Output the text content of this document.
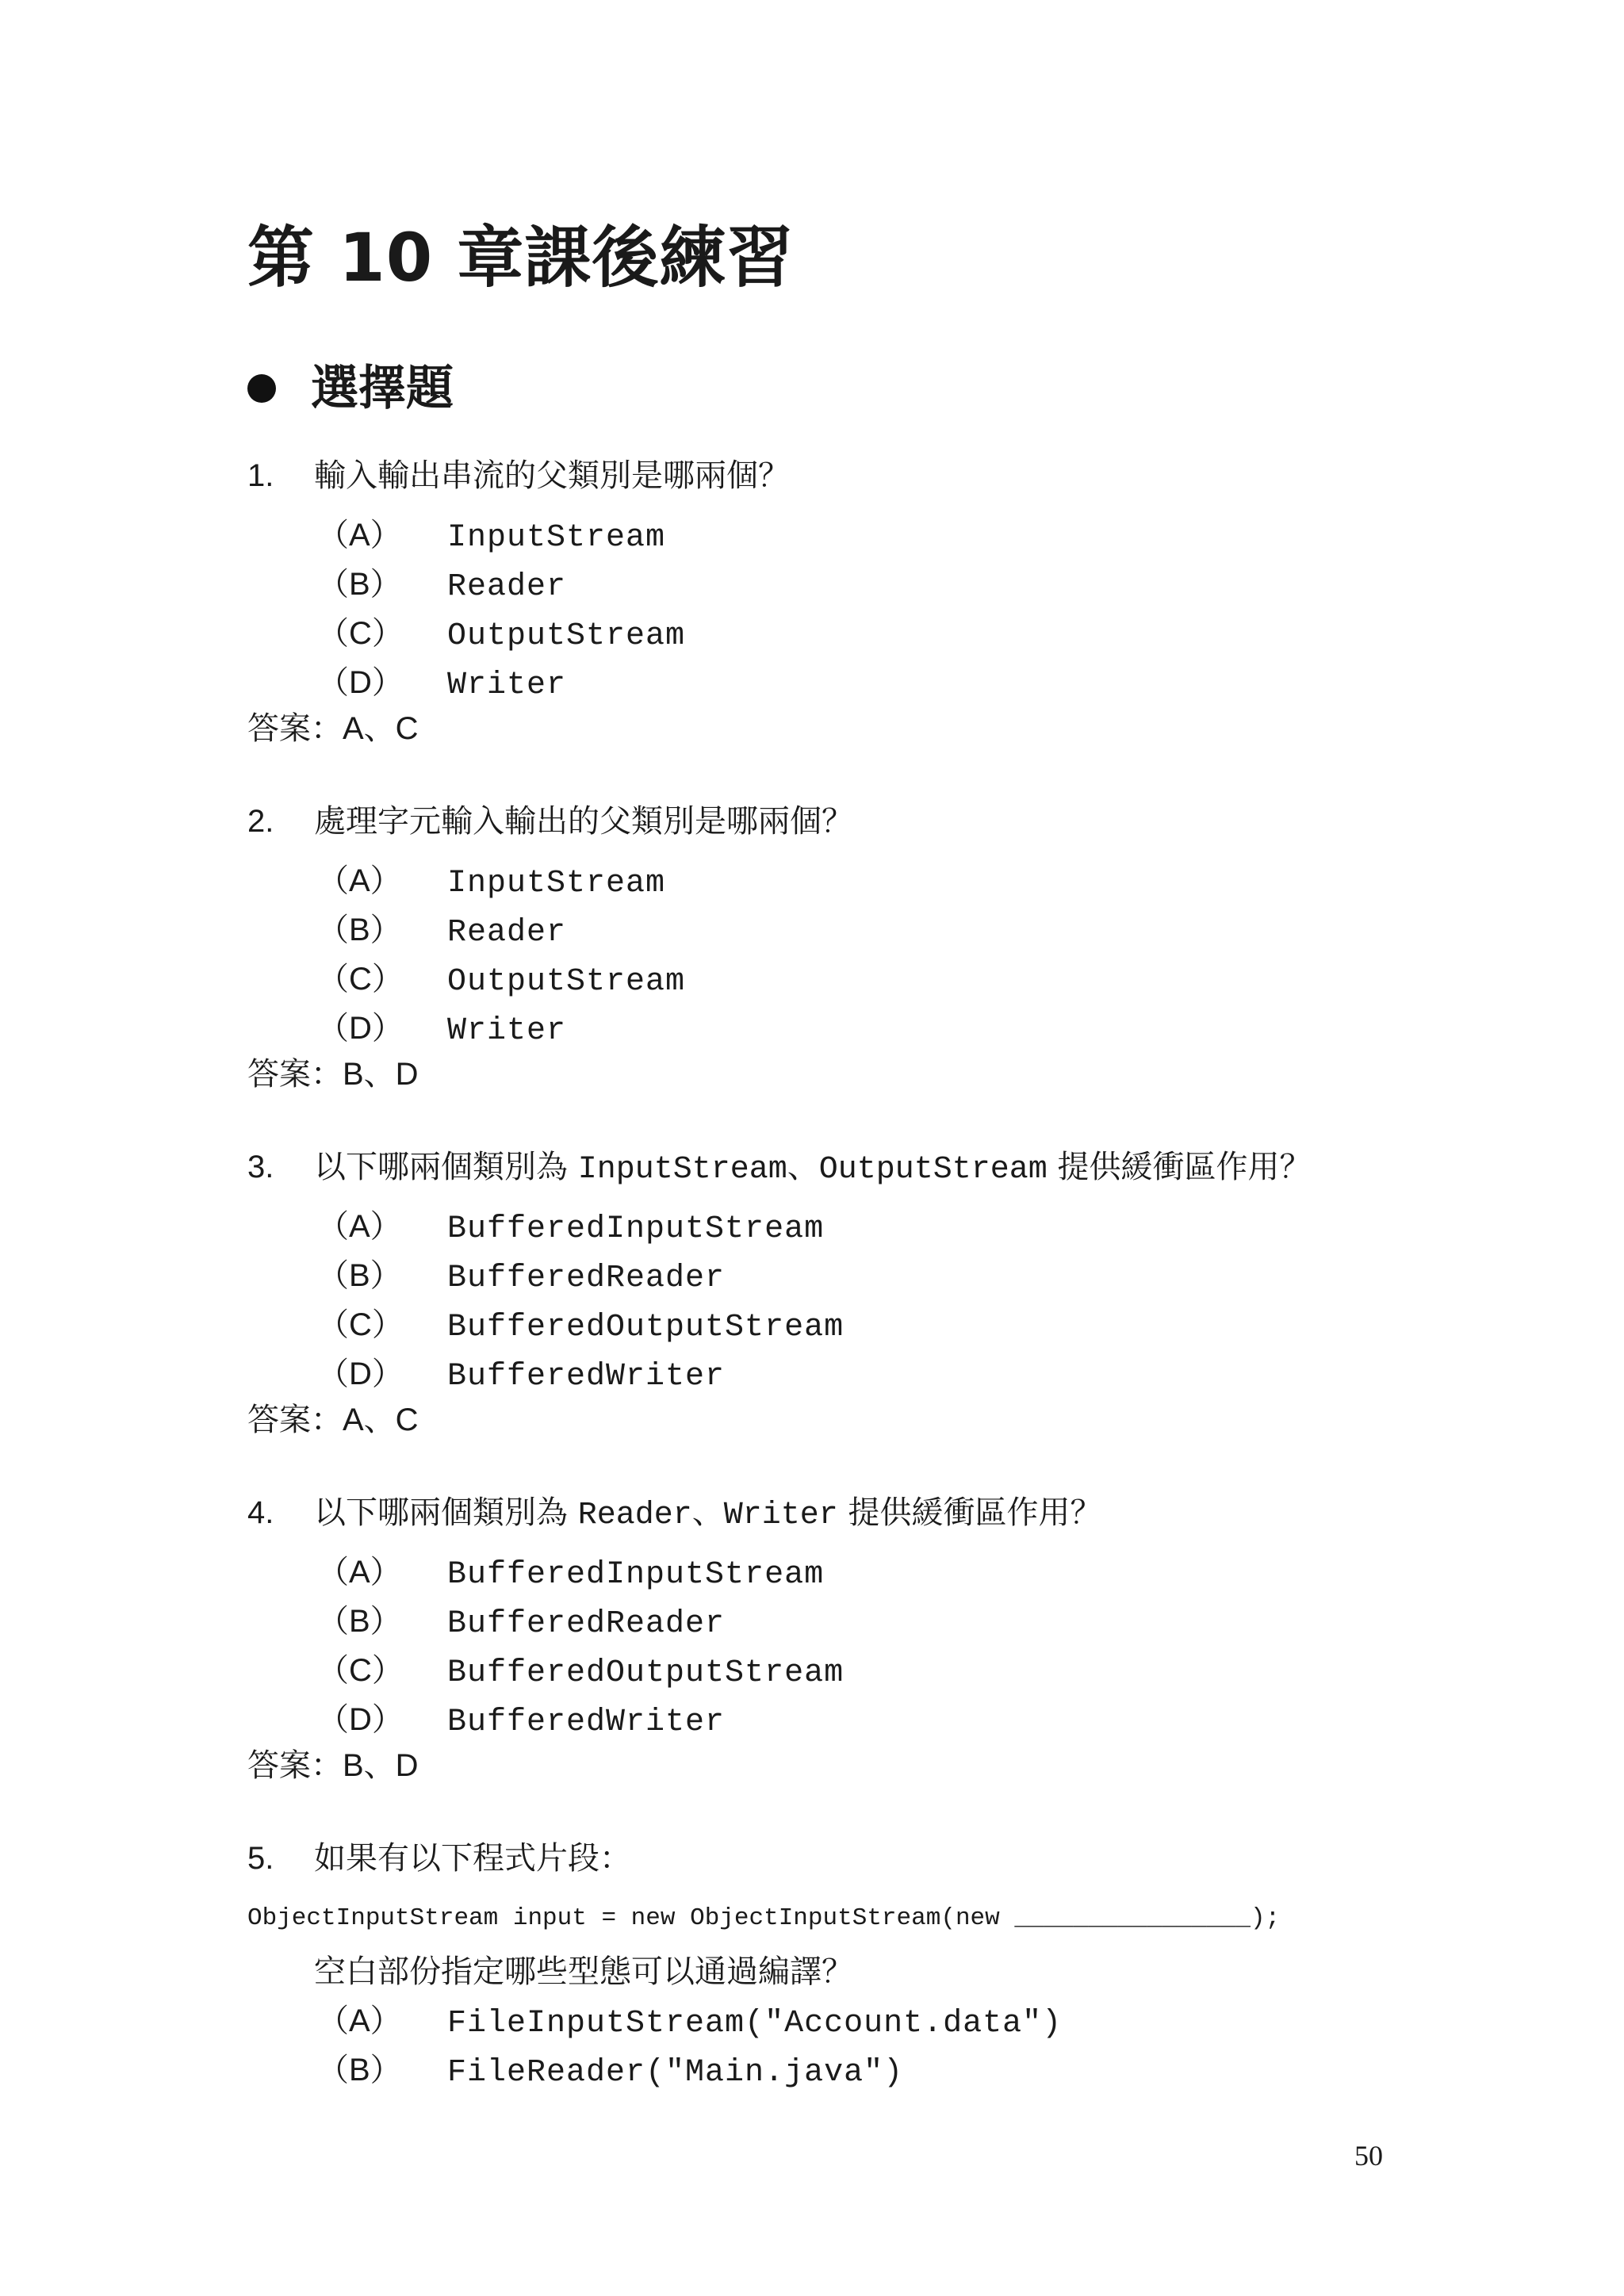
第 10 章課後練習
選擇題
1.	輸入輸出串流的父類別是哪兩個？
（A）	InputStream
（B）	Reader
（C）	OutputStream
（D）	Writer
答案：A、C
2.	處理字元輸入輸出的父類別是哪兩個？
（A）	InputStream
（B）	Reader
（C）	OutputStream
（D）	Writer
答案：B、D
3.	以下哪兩個類別為 InputStream、OutputStream 提供緩衝區作用？
（A）	BufferedInputStream
（B）	BufferedReader
（C）	BufferedOutputStream
（D）	BufferedWriter
答案：A、C
4.	以下哪兩個類別為 Reader、Writer 提供緩衝區作用？
（A）	BufferedInputStream
（B）	BufferedReader
（C）	BufferedOutputStream
（D）	BufferedWriter
答案：B、D
5.	如果有以下程式片段：
ObjectInputStream input = new ObjectInputStream(new ________________);
空白部份指定哪些型態可以通過編譯？
（A）	FileInputStream("Account.data")
（B）	FileReader("Main.java")
50
